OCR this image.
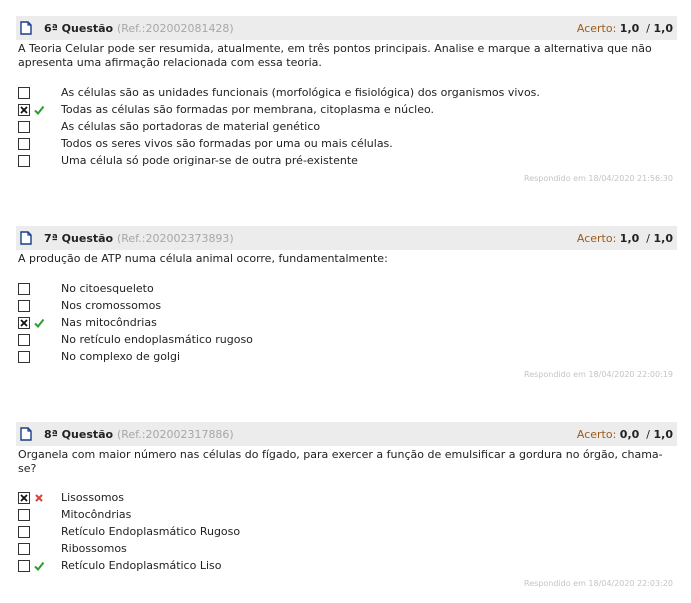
6ª Questão (Ref.:202002081428)	Acerto: 1,0  / 1,0
A Teoria Celular pode ser resumida, atualmente, em três pontos principais. Analise e marque a alternativa que não apresenta uma afirmação relacionada com essa teoria.
As células são as unidades funcionais (morfológica e fisiológica) dos organismos vivos.
Todas as células são formadas por membrana, citoplasma e núcleo.
As células são portadoras de material genético
Todos os seres vivos são formadas por uma ou mais células.
Uma célula só pode originar-se de outra pré-existente
Respondido em 18/04/2020 21:56:30
7ª Questão (Ref.:202002373893)	Acerto: 1,0  / 1,0
A produção de ATP numa célula animal ocorre, fundamentalmente:
No citoesqueleto
Nos cromossomos
Nas mitocôndrias
No retículo endoplasmático rugoso
No complexo de golgi
Respondido em 18/04/2020 22:00:19
8ª Questão (Ref.:202002317886)	Acerto: 0,0  / 1,0
Organela com maior número nas células do fígado, para exercer a função de emulsificar a gordura no órgão, chama-se?
Lisossomos
Mitocôndrias
Retículo Endoplasmático Rugoso
Ribossomos
Retículo Endoplasmático Liso
Respondido em 18/04/2020 22:03:20
